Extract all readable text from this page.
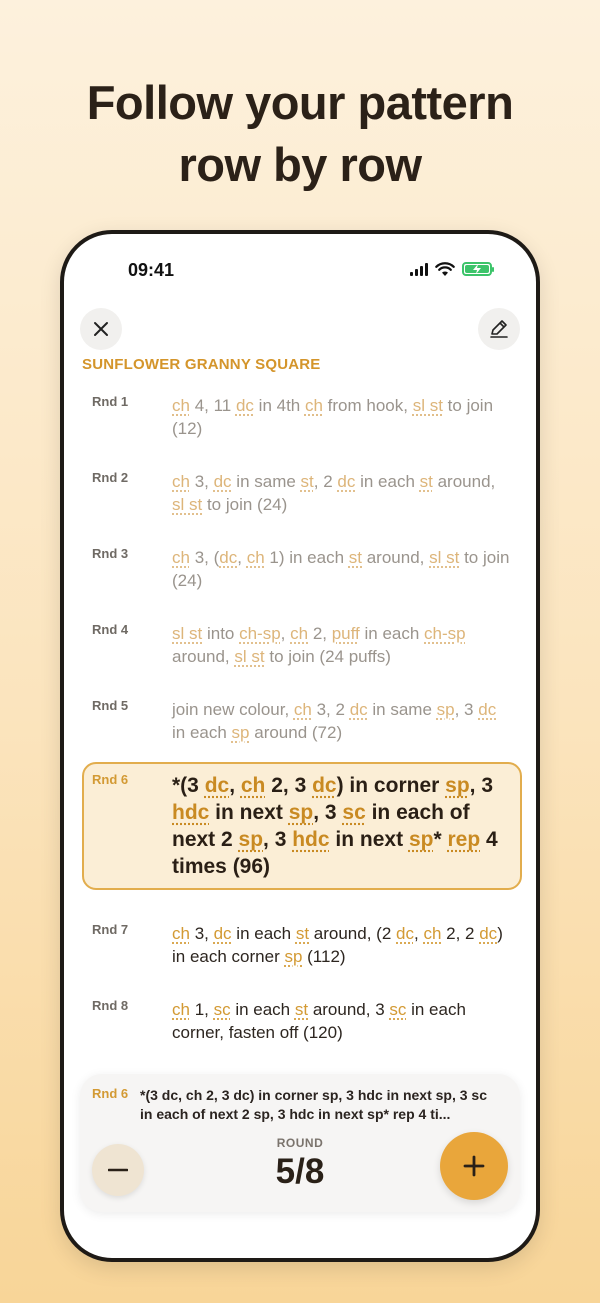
Follow your pattern
row by row
09:41
SUNFLOWER GRANNY SQUARE
Rnd 1	ch 4, 11 dc in 4th ch from hook, sl st to join (12)
Rnd 2	ch 3, dc in same st, 2 dc in each st around, sl st to join (24)
Rnd 3	ch 3, (dc, ch 1) in each st around, sl st to join (24)
Rnd 4	sl st into ch-sp, ch 2, puff in each ch-sp around, sl st to join (24 puffs)
Rnd 5	join new colour, ch 3, 2 dc in same sp, 3 dc in each sp around (72)
Rnd 6 *(3 dc, ch 2, 3 dc) in corner sp, 3 hdc in next sp, 3 sc in each of next 2 sp, 3 hdc in next sp* rep 4 times (96)
Rnd 7	ch 3, dc in each st around, (2 dc, ch 2, 2 dc) in each corner sp (112)
Rnd 8	ch 1, sc in each st around, 3 sc in each corner, fasten off (120)
Rnd 6 *(3 dc, ch 2, 3 dc) in corner sp, 3 hdc in next sp, 3 sc in each of next 2 sp, 3 hdc in next sp* rep 4 ti...
ROUND
5/8
